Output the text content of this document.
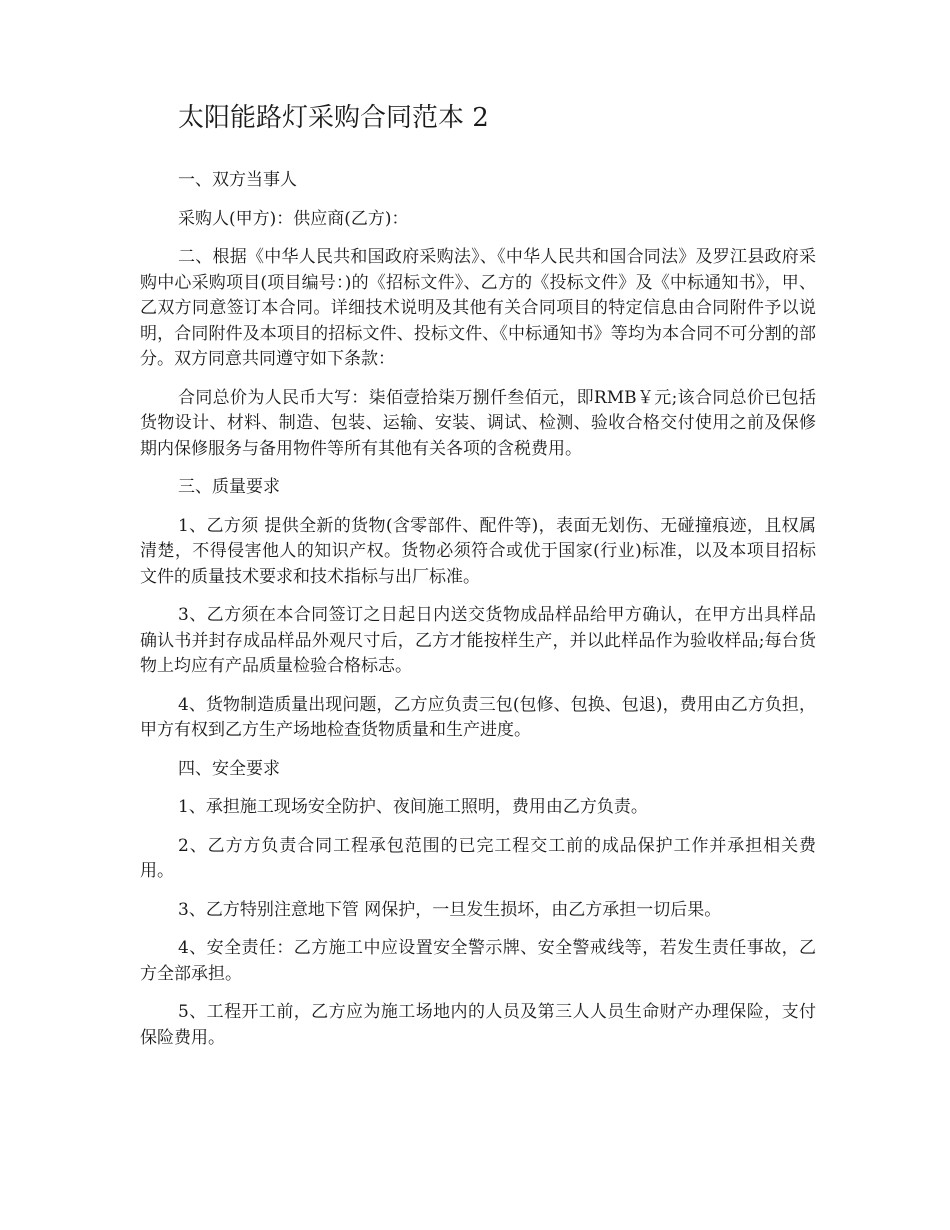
太阳能路灯采购合同范本 2

一、双方当事人

采购人(甲方)：供应商(乙方)：

二、根据《中华人民共和国政府采购法》、《中华人民共和国合同法》及罗江县政府采购中心采购项目(项目编号：)的《招标文件》、乙方的《投标文件》及《中标通知书》，甲、乙双方同意签订本合同。详细技术说明及其他有关合同项目的特定信息由合同附件予以说明，合同附件及本项目的招标文件、投标文件、《中标通知书》等均为本合同不可分割的部分。双方同意共同遵守如下条款：

合同总价为人民币大写：柒佰壹拾柒万捌仟叁佰元，即RMB￥元;该合同总价已包括货物设计、材料、制造、包装、运输、安装、调试、检测、验收合格交付使用之前及保修期内保修服务与备用物件等所有其他有关各项的含税费用。

三、质量要求

1、乙方须 提供全新的货物(含零部件、配件等)，表面无划伤、无碰撞痕迹，且权属清楚，不得侵害他人的知识产权。货物必须符合或优于国家(行业)标准，以及本项目招标文件的质量技术要求和技术指标与出厂标准。

3、乙方须在本合同签订之日起日内送交货物成品样品给甲方确认，在甲方出具样品确认书并封存成品样品外观尺寸后，乙方才能按样生产，并以此样品作为验收样品;每台货物上均应有产品质量检验合格标志。

4、货物制造质量出现问题，乙方应负责三包(包修、包换、包退)，费用由乙方负担，甲方有权到乙方生产场地检查货物质量和生产进度。

四、安全要求

1、承担施工现场安全防护、夜间施工照明，费用由乙方负责。

2、乙方方负责合同工程承包范围的已完工程交工前的成品保护工作并承担相关费用。

3、乙方特别注意地下管 网保护，一旦发生损坏，由乙方承担一切后果。

4、安全责任：乙方施工中应设置安全警示牌、安全警戒线等，若发生责任事故，乙方全部承担。

5、工程开工前，乙方应为施工场地内的人员及第三人人员生命财产办理保险，支付保险费用。
